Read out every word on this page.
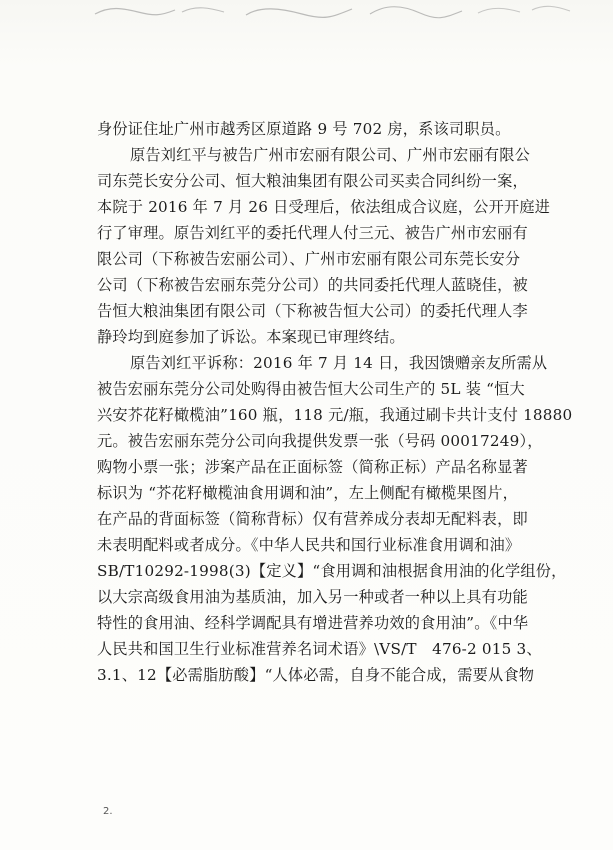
身份证住址广州市越秀区原道路 9 号 702 房，系该司职员。
原告刘红平与被告广州市宏丽有限公司、广州市宏丽有限公
司东莞长安分公司、恒大粮油集团有限公司买卖合同纠纷一案，
本院于 2016 年 7 月 26 日受理后，依法组成合议庭，公开开庭进
行了审理。原告刘红平的委托代理人付三元、被告广州市宏丽有
限公司（下称被告宏丽公司）、广州市宏丽有限公司东莞长安分
公司（下称被告宏丽东莞分公司）的共同委托代理人蓝晓佳，被
告恒大粮油集团有限公司（下称被告恒大公司）的委托代理人李
静玲均到庭参加了诉讼。本案现已审理终结。
原告刘红平诉称：2016 年 7 月 14 日，我因馈赠亲友所需从
被告宏丽东莞分公司处购得由被告恒大公司生产的 5L 装 “恒大
兴安芥花籽橄榄油”160 瓶，118 元/瓶，我通过刷卡共计支付 18880
元。被告宏丽东莞分公司向我提供发票一张（号码 00017249），
购物小票一张；涉案产品在正面标签（简称正标）产品名称显著
标识为 “芥花籽橄榄油食用调和油”，左上侧配有橄榄果图片，
在产品的背面标签（简称背标）仅有营养成分表却无配料表，即
未表明配料或者成分。《中华人民共和国行业标准食用调和油》
SB/T10292-1998(3)【定义】“食用调和油根据食用油的化学组份，
以大宗高级食用油为基质油，加入另一种或者一种以上具有功能
特性的食用油、经科学调配具有增进营养功效的食用油”。《中华
人民共和国卫生行业标准营养名词术语》\VS/T　476-2 015 3、
3.1、12【必需脂肪酸】“人体必需，自身不能合成，需要从食物
2.
